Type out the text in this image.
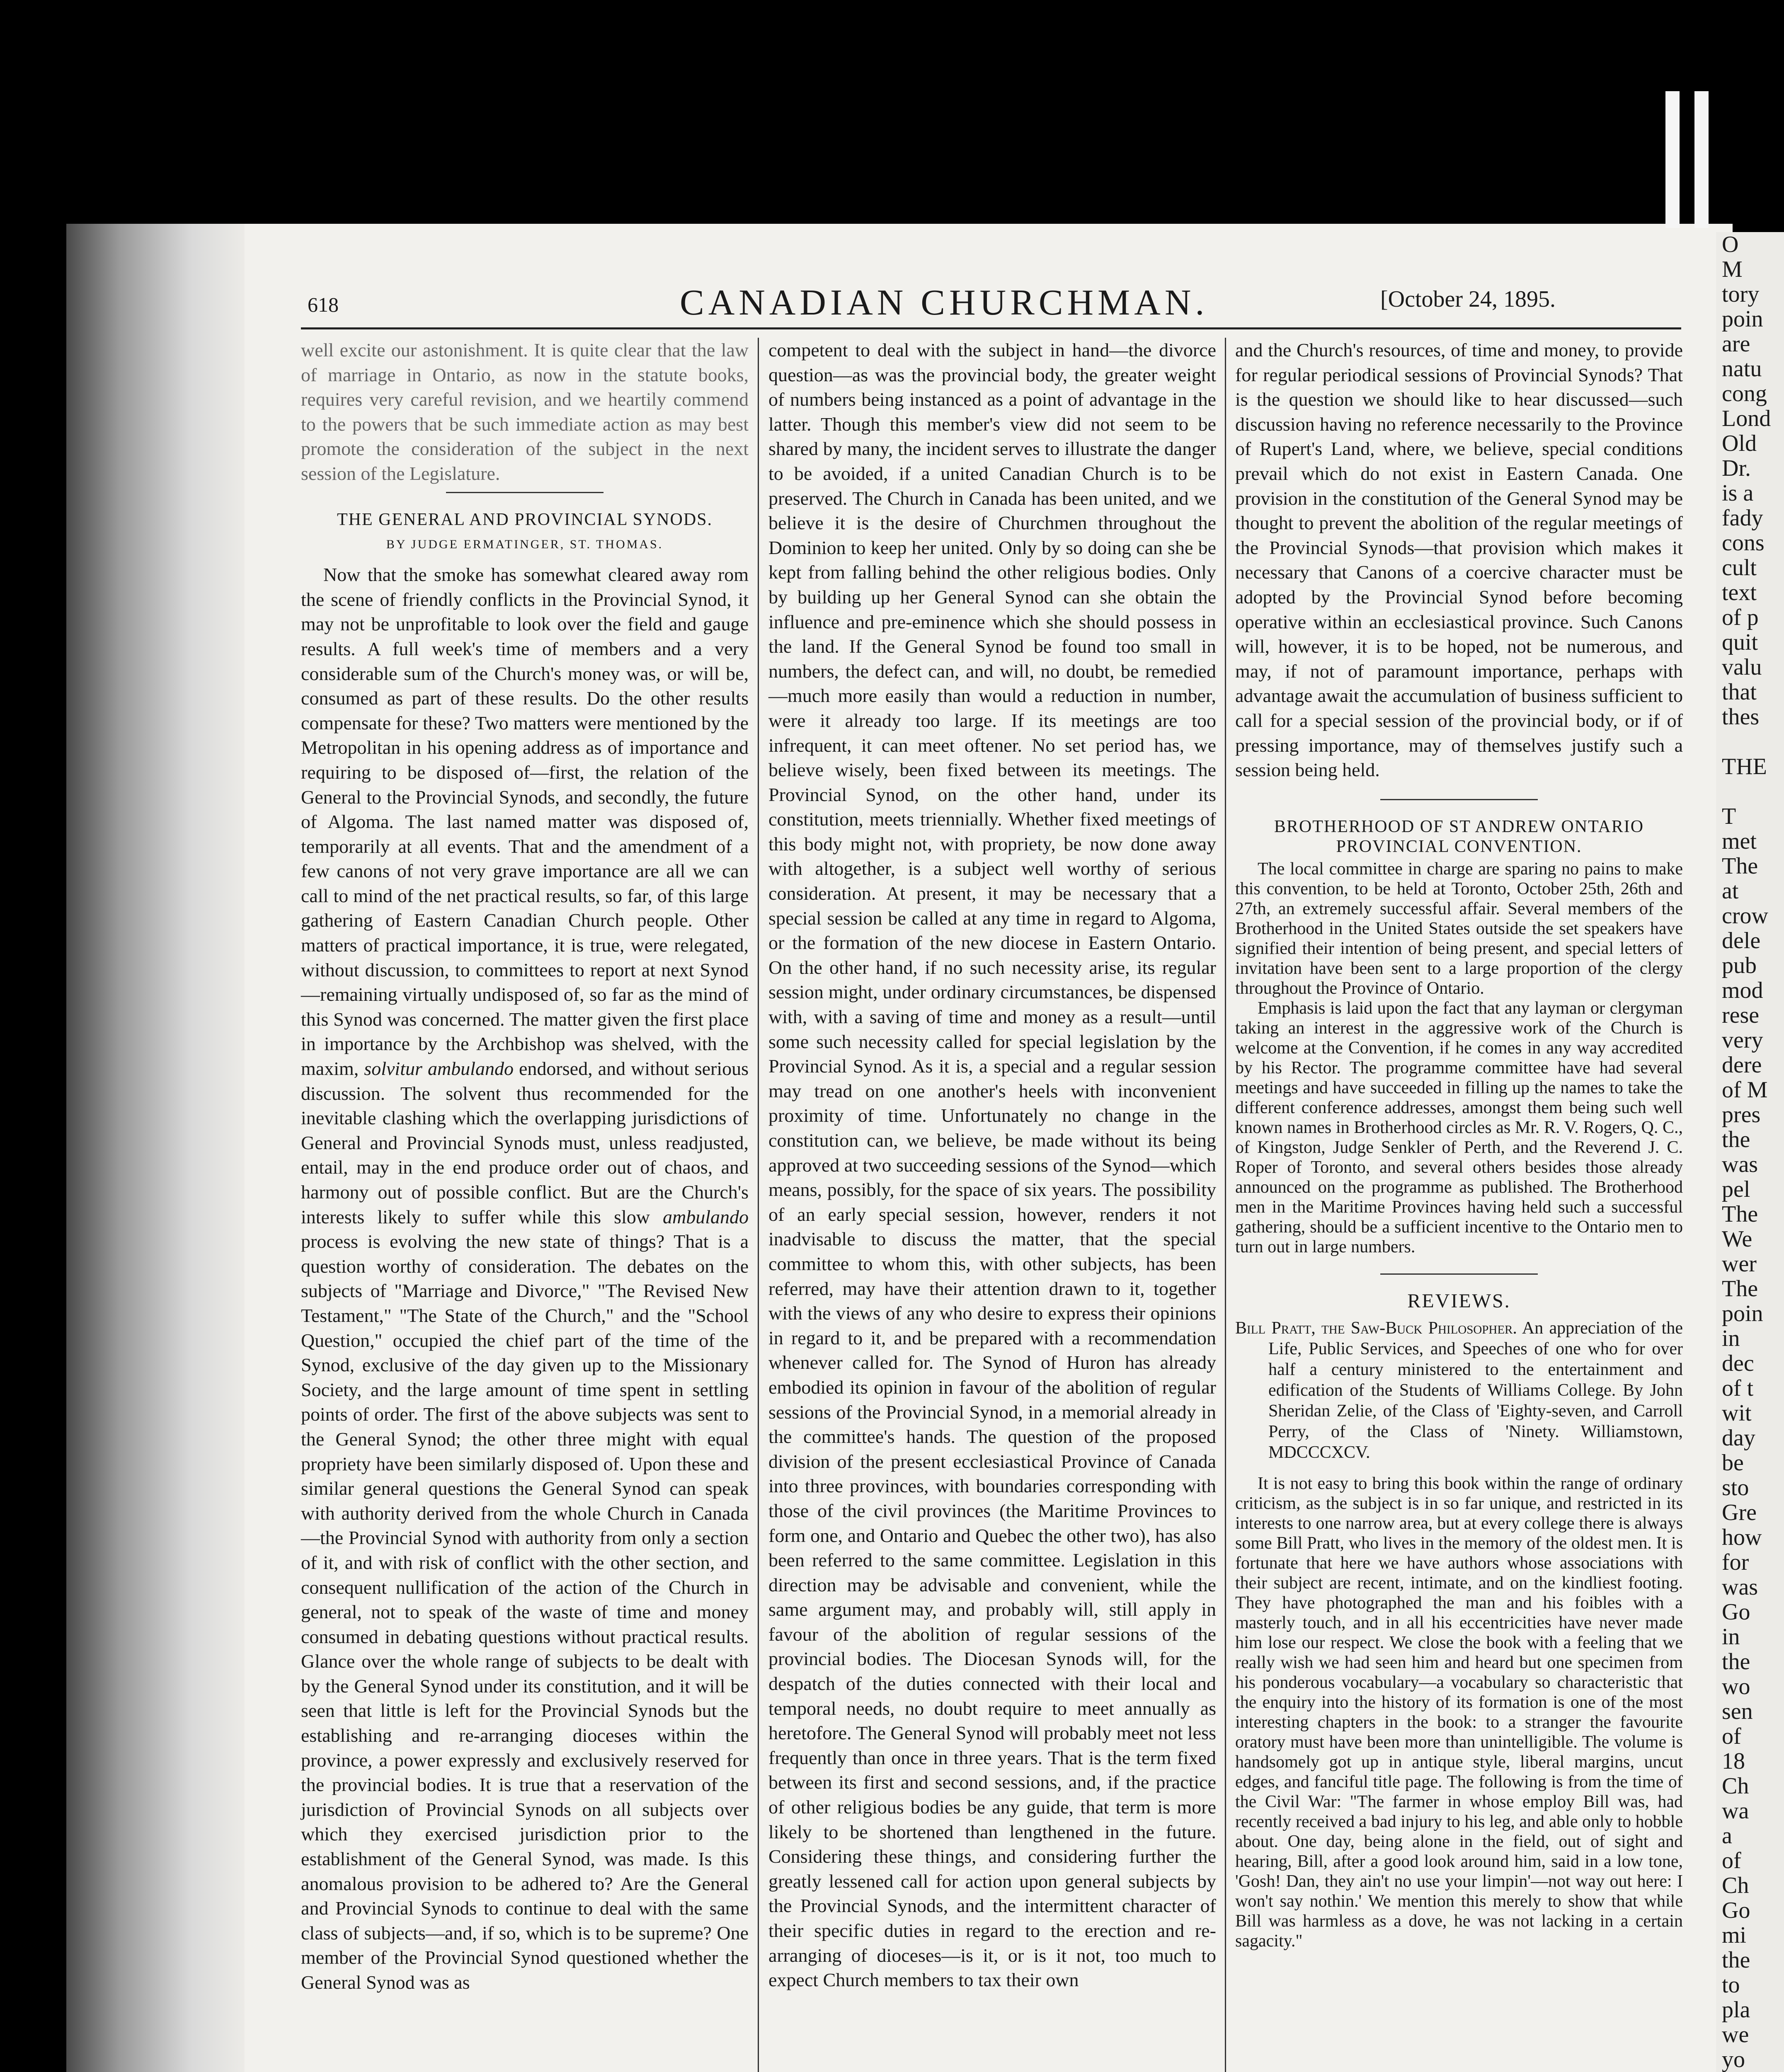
O
M
tory
poin
are
natu
cong
Lond
Old
Dr.
is a
fady
cons
cult
text
of p
quit
valu
that
thes

THE

T
met
The
at
crow
dele
pub
mod
rese
very
dere
of M
pres
the
was
pel
The
We
wer
The
poin
in
dec
of t
wit
day
be
sto
Gre
how
for
was
Go
in
the
wo
sen
of
18
Ch
wa
a
of
Ch
Go
mi
the
to
pla
we
yo
618	CANADIAN CHURCHMAN.	[October 24, 1895.

well excite our astonishment. It is quite clear that the law of marriage in Ontario, as now in the statute books, requires very careful revision, and we heartily commend to the powers that be such immediate action as may best promote the consideration of the subject in the next session of the Legislature.

THE GENERAL AND PROVINCIAL SYNODS.
BY JUDGE ERMATINGER, ST. THOMAS.

Now that the smoke has somewhat cleared away rom the scene of friendly conflicts in the Provincial Synod, it may not be unprofitable to look over the field and gauge results. A full week's time of members and a very considerable sum of the Church's money was, or will be, consumed as part of these results. Do the other results compensate for these? Two matters were mentioned by the Metropolitan in his opening address as of importance and requiring to be disposed of—first, the relation of the General to the Provincial Synods, and secondly, the future of Algoma. The last named matter was disposed of, temporarily at all events. That and the amendment of a few canons of not very grave importance are all we can call to mind of the net practical results, so far, of this large gathering of Eastern Canadian Church people. Other matters of practical importance, it is true, were relegated, without discussion, to committees to report at next Synod—remaining virtually undisposed of, so far as the mind of this Synod was concerned. The matter given the first place in importance by the Archbishop was shelved, with the maxim, solvitur ambulando endorsed, and without serious discussion. The solvent thus recommended for the inevitable clashing which the overlapping jurisdictions of General and Provincial Synods must, unless readjusted, entail, may in the end produce order out of chaos, and harmony out of possible conflict. But are the Church's interests likely to suffer while this slow ambulando process is evolving the new state of things? That is a question worthy of consideration. The debates on the subjects of "Marriage and Divorce," "The Revised New Testament," "The State of the Church," and the "School Question," occupied the chief part of the time of the Synod, exclusive of the day given up to the Missionary Society, and the large amount of time spent in settling points of order. The first of the above subjects was sent to the General Synod; the other three might with equal propriety have been similarly disposed of. Upon these and similar general questions the General Synod can speak with authority derived from the whole Church in Canada—the Provincial Synod with authority from only a section of it, and with risk of conflict with the other section, and consequent nullification of the action of the Church in general, not to speak of the waste of time and money consumed in debating questions without practical results. Glance over the whole range of subjects to be dealt with by the General Synod under its constitution, and it will be seen that little is left for the Provincial Synods but the establishing and re-arranging dioceses within the province, a power expressly and exclusively reserved for the provincial bodies. It is true that a reservation of the jurisdiction of Provincial Synods on all subjects over which they exercised jurisdiction prior to the establishment of the General Synod, was made. Is this anomalous provision to be adhered to? Are the General and Provincial Synods to continue to deal with the same class of subjects—and, if so, which is to be supreme? One member of the Provincial Synod questioned whether the General Synod was as

competent to deal with the subject in hand—the divorce question—as was the provincial body, the greater weight of numbers being instanced as a point of advantage in the latter. Though this member's view did not seem to be shared by many, the incident serves to illustrate the danger to be avoided, if a united Canadian Church is to be preserved. The Church in Canada has been united, and we believe it is the desire of Churchmen throughout the Dominion to keep her united. Only by so doing can she be kept from falling behind the other religious bodies. Only by building up her General Synod can she obtain the influence and pre-eminence which she should possess in the land. If the General Synod be found too small in numbers, the defect can, and will, no doubt, be remedied—much more easily than would a reduction in number, were it already too large. If its meetings are too infrequent, it can meet oftener. No set period has, we believe wisely, been fixed between its meetings. The Provincial Synod, on the other hand, under its constitution, meets triennially. Whether fixed meetings of this body might not, with propriety, be now done away with altogether, is a subject well worthy of serious consideration. At present, it may be necessary that a special session be called at any time in regard to Algoma, or the formation of the new diocese in Eastern Ontario. On the other hand, if no such necessity arise, its regular session might, under ordinary circumstances, be dispensed with, with a saving of time and money as a result—until some such necessity called for special legislation by the Provincial Synod. As it is, a special and a regular session may tread on one another's heels with inconvenient proximity of time. Unfortunately no change in the constitution can, we believe, be made without its being approved at two succeeding sessions of the Synod—which means, possibly, for the space of six years. The possibility of an early special session, however, renders it not inadvisable to discuss the matter, that the special committee to whom this, with other subjects, has been referred, may have their attention drawn to it, together with the views of any who desire to express their opinions in regard to it, and be prepared with a recommendation whenever called for. The Synod of Huron has already embodied its opinion in favour of the abolition of regular sessions of the Provincial Synod, in a memorial already in the committee's hands. The question of the proposed division of the present ecclesiastical Province of Canada into three provinces, with boundaries corresponding with those of the civil provinces (the Maritime Provinces to form one, and Ontario and Quebec the other two), has also been referred to the same committee. Legislation in this direction may be advisable and convenient, while the same argument may, and probably will, still apply in favour of the abolition of regular sessions of the provincial bodies. The Diocesan Synods will, for the despatch of the duties connected with their local and temporal needs, no doubt require to meet annually as heretofore. The General Synod will probably meet not less frequently than once in three years. That is the term fixed between its first and second sessions, and, if the practice of other religious bodies be any guide, that term is more likely to be shortened than lengthened in the future. Considering these things, and considering further the greatly lessened call for action upon general subjects by the Provincial Synods, and the intermittent character of their specific duties in regard to the erection and re-arranging of dioceses—is it, or is it not, too much to expect Church members to tax their own

and the Church's resources, of time and money, to provide for regular periodical sessions of Provincial Synods? That is the question we should like to hear discussed—such discussion having no reference necessarily to the Province of Rupert's Land, where, we believe, special conditions prevail which do not exist in Eastern Canada. One provision in the constitution of the General Synod may be thought to prevent the abolition of the regular meetings of the Provincial Synods—that provision which makes it necessary that Canons of a coercive character must be adopted by the Provincial Synod before becoming operative within an ecclesiastical province. Such Canons will, however, it is to be hoped, not be numerous, and may, if not of paramount importance, perhaps with advantage await the accumulation of business sufficient to call for a special session of the provincial body, or if of pressing importance, may of themselves justify such a session being held.

BROTHERHOOD OF ST ANDREW ONTARIO
PROVINCIAL CONVENTION.

The local committee in charge are sparing no pains to make this convention, to be held at Toronto, October 25th, 26th and 27th, an extremely successful affair. Several members of the Brotherhood in the United States outside the set speakers have signified their intention of being present, and special letters of invitation have been sent to a large proportion of the clergy throughout the Province of Ontario.

Emphasis is laid upon the fact that any layman or clergyman taking an interest in the aggressive work of the Church is welcome at the Convention, if he comes in any way accredited by his Rector. The programme committee have had several meetings and have succeeded in filling up the names to take the different conference addresses, amongst them being such well known names in Brotherhood circles as Mr. R. V. Rogers, Q. C., of Kingston, Judge Senkler of Perth, and the Reverend J. C. Roper of Toronto, and several others besides those already announced on the programme as published. The Brotherhood men in the Maritime Provinces having held such a successful gathering, should be a sufficient incentive to the Ontario men to turn out in large numbers.

REVIEWS.
Bill Pratt, the Saw-Buck Philosopher. An appreciation of the Life, Public Services, and Speeches of one who for over half a century ministered to the entertainment and edification of the Students of Williams College. By John Sheridan Zelie, of the Class of 'Eighty-seven, and Carroll Perry, of the Class of 'Ninety. Williamstown, MDCCCXCV.

It is not easy to bring this book within the range of ordinary criticism, as the subject is in so far unique, and restricted in its interests to one narrow area, but at every college there is always some Bill Pratt, who lives in the memory of the oldest men. It is fortunate that here we have authors whose associations with their subject are recent, intimate, and on the kindliest footing. They have photographed the man and his foibles with a masterly touch, and in all his eccentricities have never made him lose our respect. We close the book with a feeling that we really wish we had seen him and heard but one specimen from his ponderous vocabulary—a vocabulary so characteristic that the enquiry into the history of its formation is one of the most interesting chapters in the book: to a stranger the favourite oratory must have been more than unintelligible. The volume is handsomely got up in antique style, liberal margins, uncut edges, and fanciful title page. The following is from the time of the Civil War: "The farmer in whose employ Bill was, had recently received a bad injury to his leg, and able only to hobble about. One day, being alone in the field, out of sight and hearing, Bill, after a good look around him, said in a low tone, 'Gosh! Dan, they ain't no use your limpin'—not way out here: I won't say nothin.' We mention this merely to show that while Bill was harmless as a dove, he was not lacking in a certain sagacity."
